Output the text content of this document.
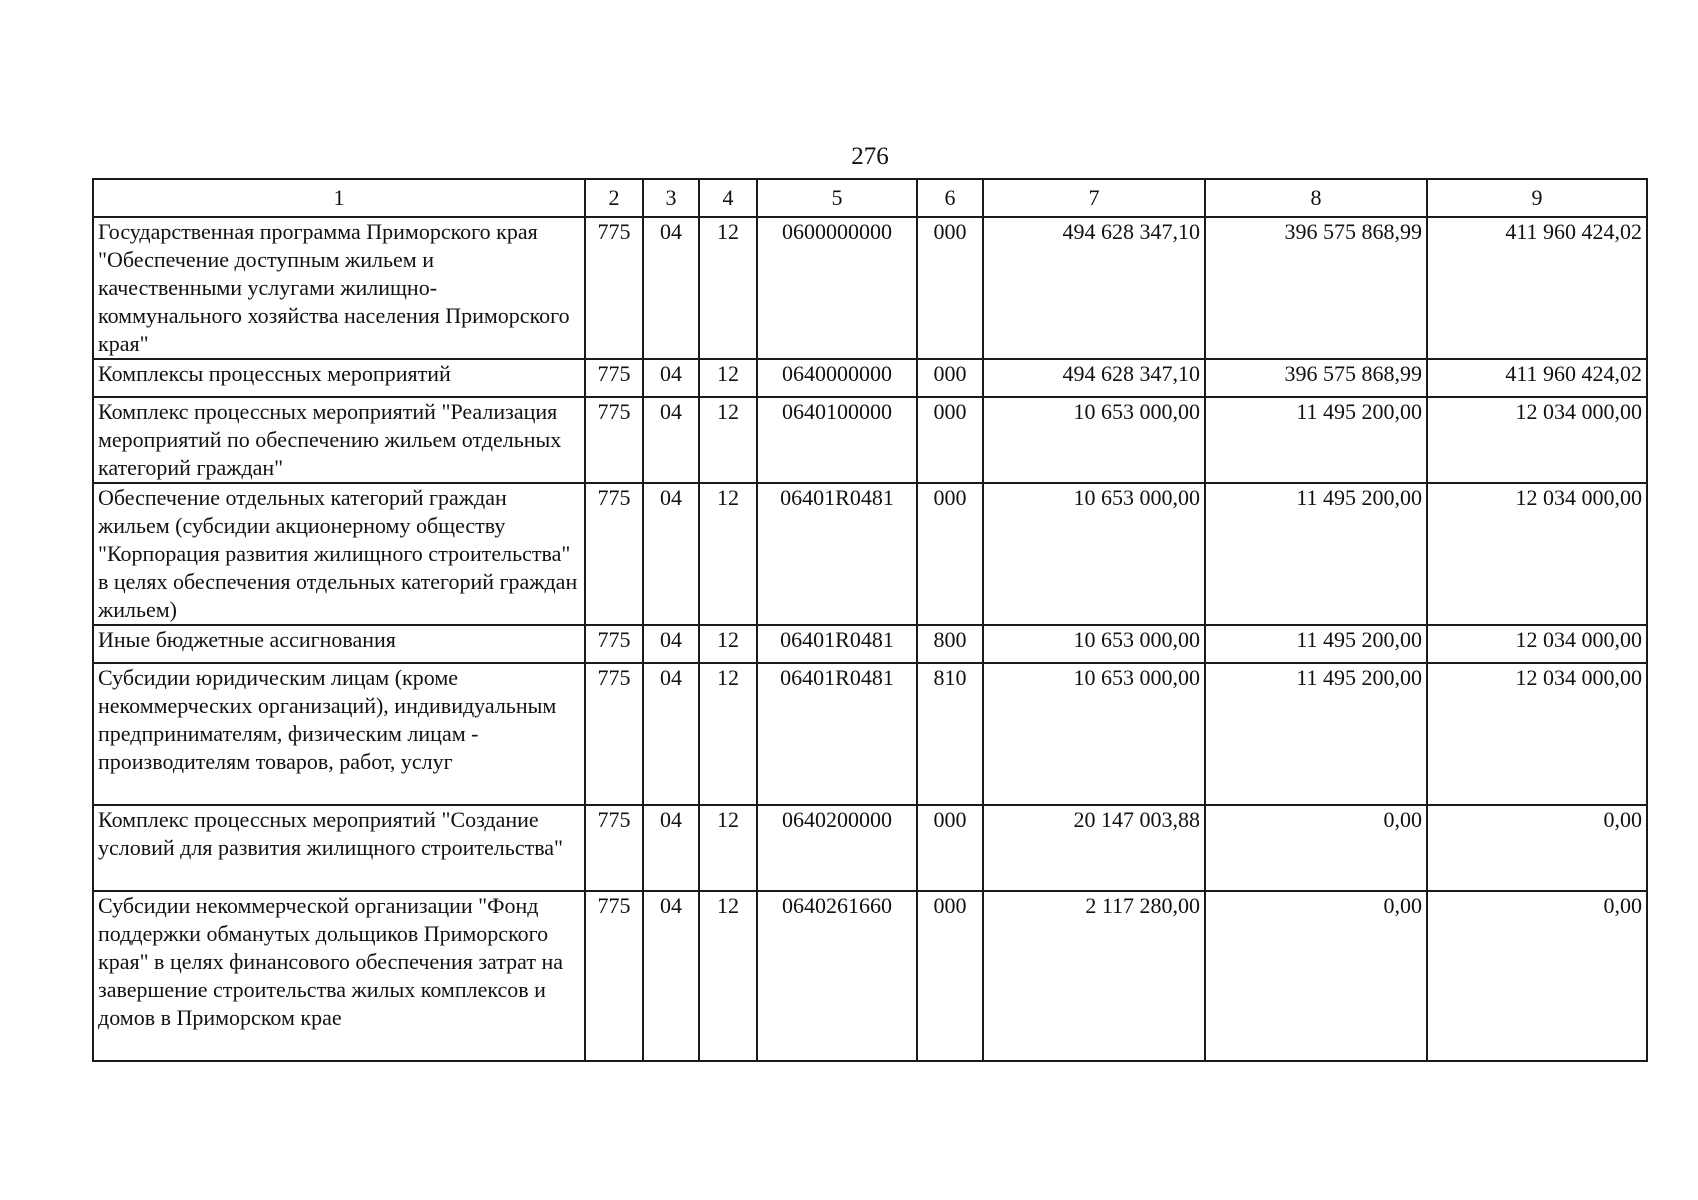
276
1	2	3	4	5	6	7	8	9
Государственная программа Приморского края "Обеспечение доступным жильем и качественными услугами жилищно-коммунального хозяйства населения Приморского края"	775	04	12	0600000000	000	494 628 347,10	396 575 868,99	411 960 424,02
Комплексы процессных мероприятий	775	04	12	0640000000	000	494 628 347,10	396 575 868,99	411 960 424,02
Комплекс процессных мероприятий "Реализация мероприятий по обеспечению жильем отдельных категорий граждан"	775	04	12	0640100000	000	10 653 000,00	11 495 200,00	12 034 000,00
Обеспечение отдельных категорий граждан жильем (субсидии акционерному обществу "Корпорация развития жилищного строительства" в целях обеспечения отдельных категорий граждан жильем)	775	04	12	06401R0481	000	10 653 000,00	11 495 200,00	12 034 000,00
Иные бюджетные ассигнования	775	04	12	06401R0481	800	10 653 000,00	11 495 200,00	12 034 000,00
Субсидии юридическим лицам (кроме некоммерческих организаций), индивидуальным предпринимателям, физическим лицам - производителям товаров, работ, услуг	775	04	12	06401R0481	810	10 653 000,00	11 495 200,00	12 034 000,00
Комплекс процессных мероприятий "Создание условий для развития жилищного строительства"	775	04	12	0640200000	000	20 147 003,88	0,00	0,00
Субсидии некоммерческой организации "Фонд поддержки обманутых дольщиков Приморского края" в целях финансового обеспечения затрат на завершение строительства жилых комплексов и домов в Приморском крае	775	04	12	0640261660	000	2 117 280,00	0,00	0,00
